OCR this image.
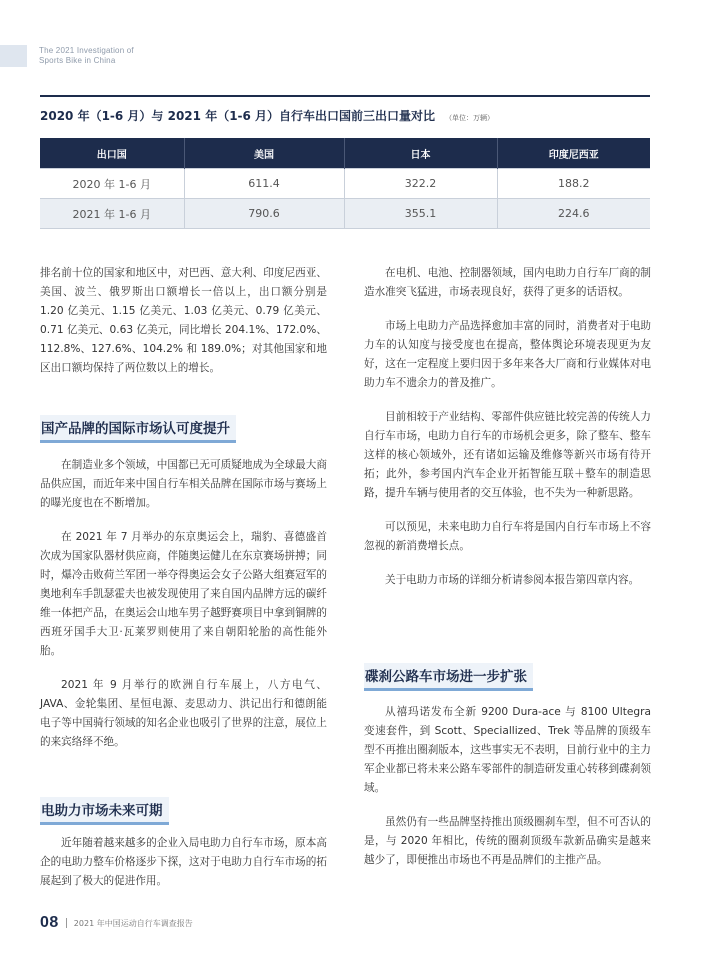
The 2021 Investigation of
Sports Bike in China
2020 年（1-6 月）与 2021 年（1-6 月）自行车出口国前三出口量对比 （单位：万辆）
出口国	美国	日本	印度尼西亚
2020 年 1-6 月	611.4	322.2	188.2
2021 年 1-6 月	790.6	355.1	224.6

排名前十位的国家和地区中，对巴西、意大利、印度尼西亚、美国、波兰、俄罗斯出口额增长一倍以上，出口额分别是 1.20 亿美元、1.15 亿美元、1.03 亿美元、0.79 亿美元、0.71 亿美元、0.63 亿美元，同比增长 204.1%、172.0%、112.8%、127.6%、104.2% 和 189.0%；对其他国家和地区出口额均保持了两位数以上的增长。

国产品牌的国际市场认可度提升

在制造业多个领域，中国都已无可质疑地成为全球最大商品供应国，而近年来中国自行车相关品牌在国际市场与赛场上的曝光度也在不断增加。

在 2021 年 7 月举办的东京奥运会上，瑞豹、喜德盛首次成为国家队器材供应商，伴随奥运健儿在东京赛场拼搏；同时，爆冷击败荷兰军团一举夺得奥运会女子公路大组赛冠军的奥地利车手凯瑟霍夫也被发现使用了来自国内品牌方远的碳纤维一体把产品，在奥运会山地车男子越野赛项目中拿到铜牌的西班牙国手大卫·瓦莱罗则使用了来自朝阳轮胎的高性能外胎。

2021 年 9 月举行的欧洲自行车展上，八方电气、JAVA、金轮集团、星恒电源、麦思动力、洪记出行和德朗能电子等中国骑行领域的知名企业也吸引了世界的注意，展位上的来宾络绎不绝。

电助力市场未来可期

近年随着越来越多的企业入局电助力自行车市场，原本高企的电助力整车价格逐步下探，这对于电助力自行车市场的拓展起到了极大的促进作用。

在电机、电池、控制器领域，国内电助力自行车厂商的制造水准突飞猛进，市场表现良好，获得了更多的话语权。

市场上电助力产品选择愈加丰富的同时，消费者对于电助力车的认知度与接受度也在提高，整体舆论环境表现更为友好，这在一定程度上要归因于多年来各大厂商和行业媒体对电助力车不遗余力的普及推广。

目前相较于产业结构、零部件供应链比较完善的传统人力自行车市场，电助力自行车的市场机会更多，除了整车、整车这样的核心领域外，还有诸如运输及维修等新兴市场有待开拓；此外，参考国内汽车企业开拓智能互联＋整车的制造思路，提升车辆与使用者的交互体验，也不失为一种新思路。

可以预见，未来电助力自行车将是国内自行车市场上不容忽视的新消费增长点。

关于电助力市场的详细分析请参阅本报告第四章内容。

碟刹公路车市场进一步扩张

从禧玛诺发布全新 9200 Dura-ace 与 8100 Ultegra 变速套件，到 Scott、Speciallized、Trek 等品牌的顶级车型不再推出圈刹版本，这些事实无不表明，目前行业中的主力军企业都已将未来公路车零部件的制造研发重心转移到碟刹领域。

虽然仍有一些品牌坚持推出顶级圈刹车型，但不可否认的是，与 2020 年相比，传统的圈刹顶级车款新品确实是越来越少了，即便推出市场也不再是品牌们的主推产品。

08 2021 年中国运动自行车调查报告
